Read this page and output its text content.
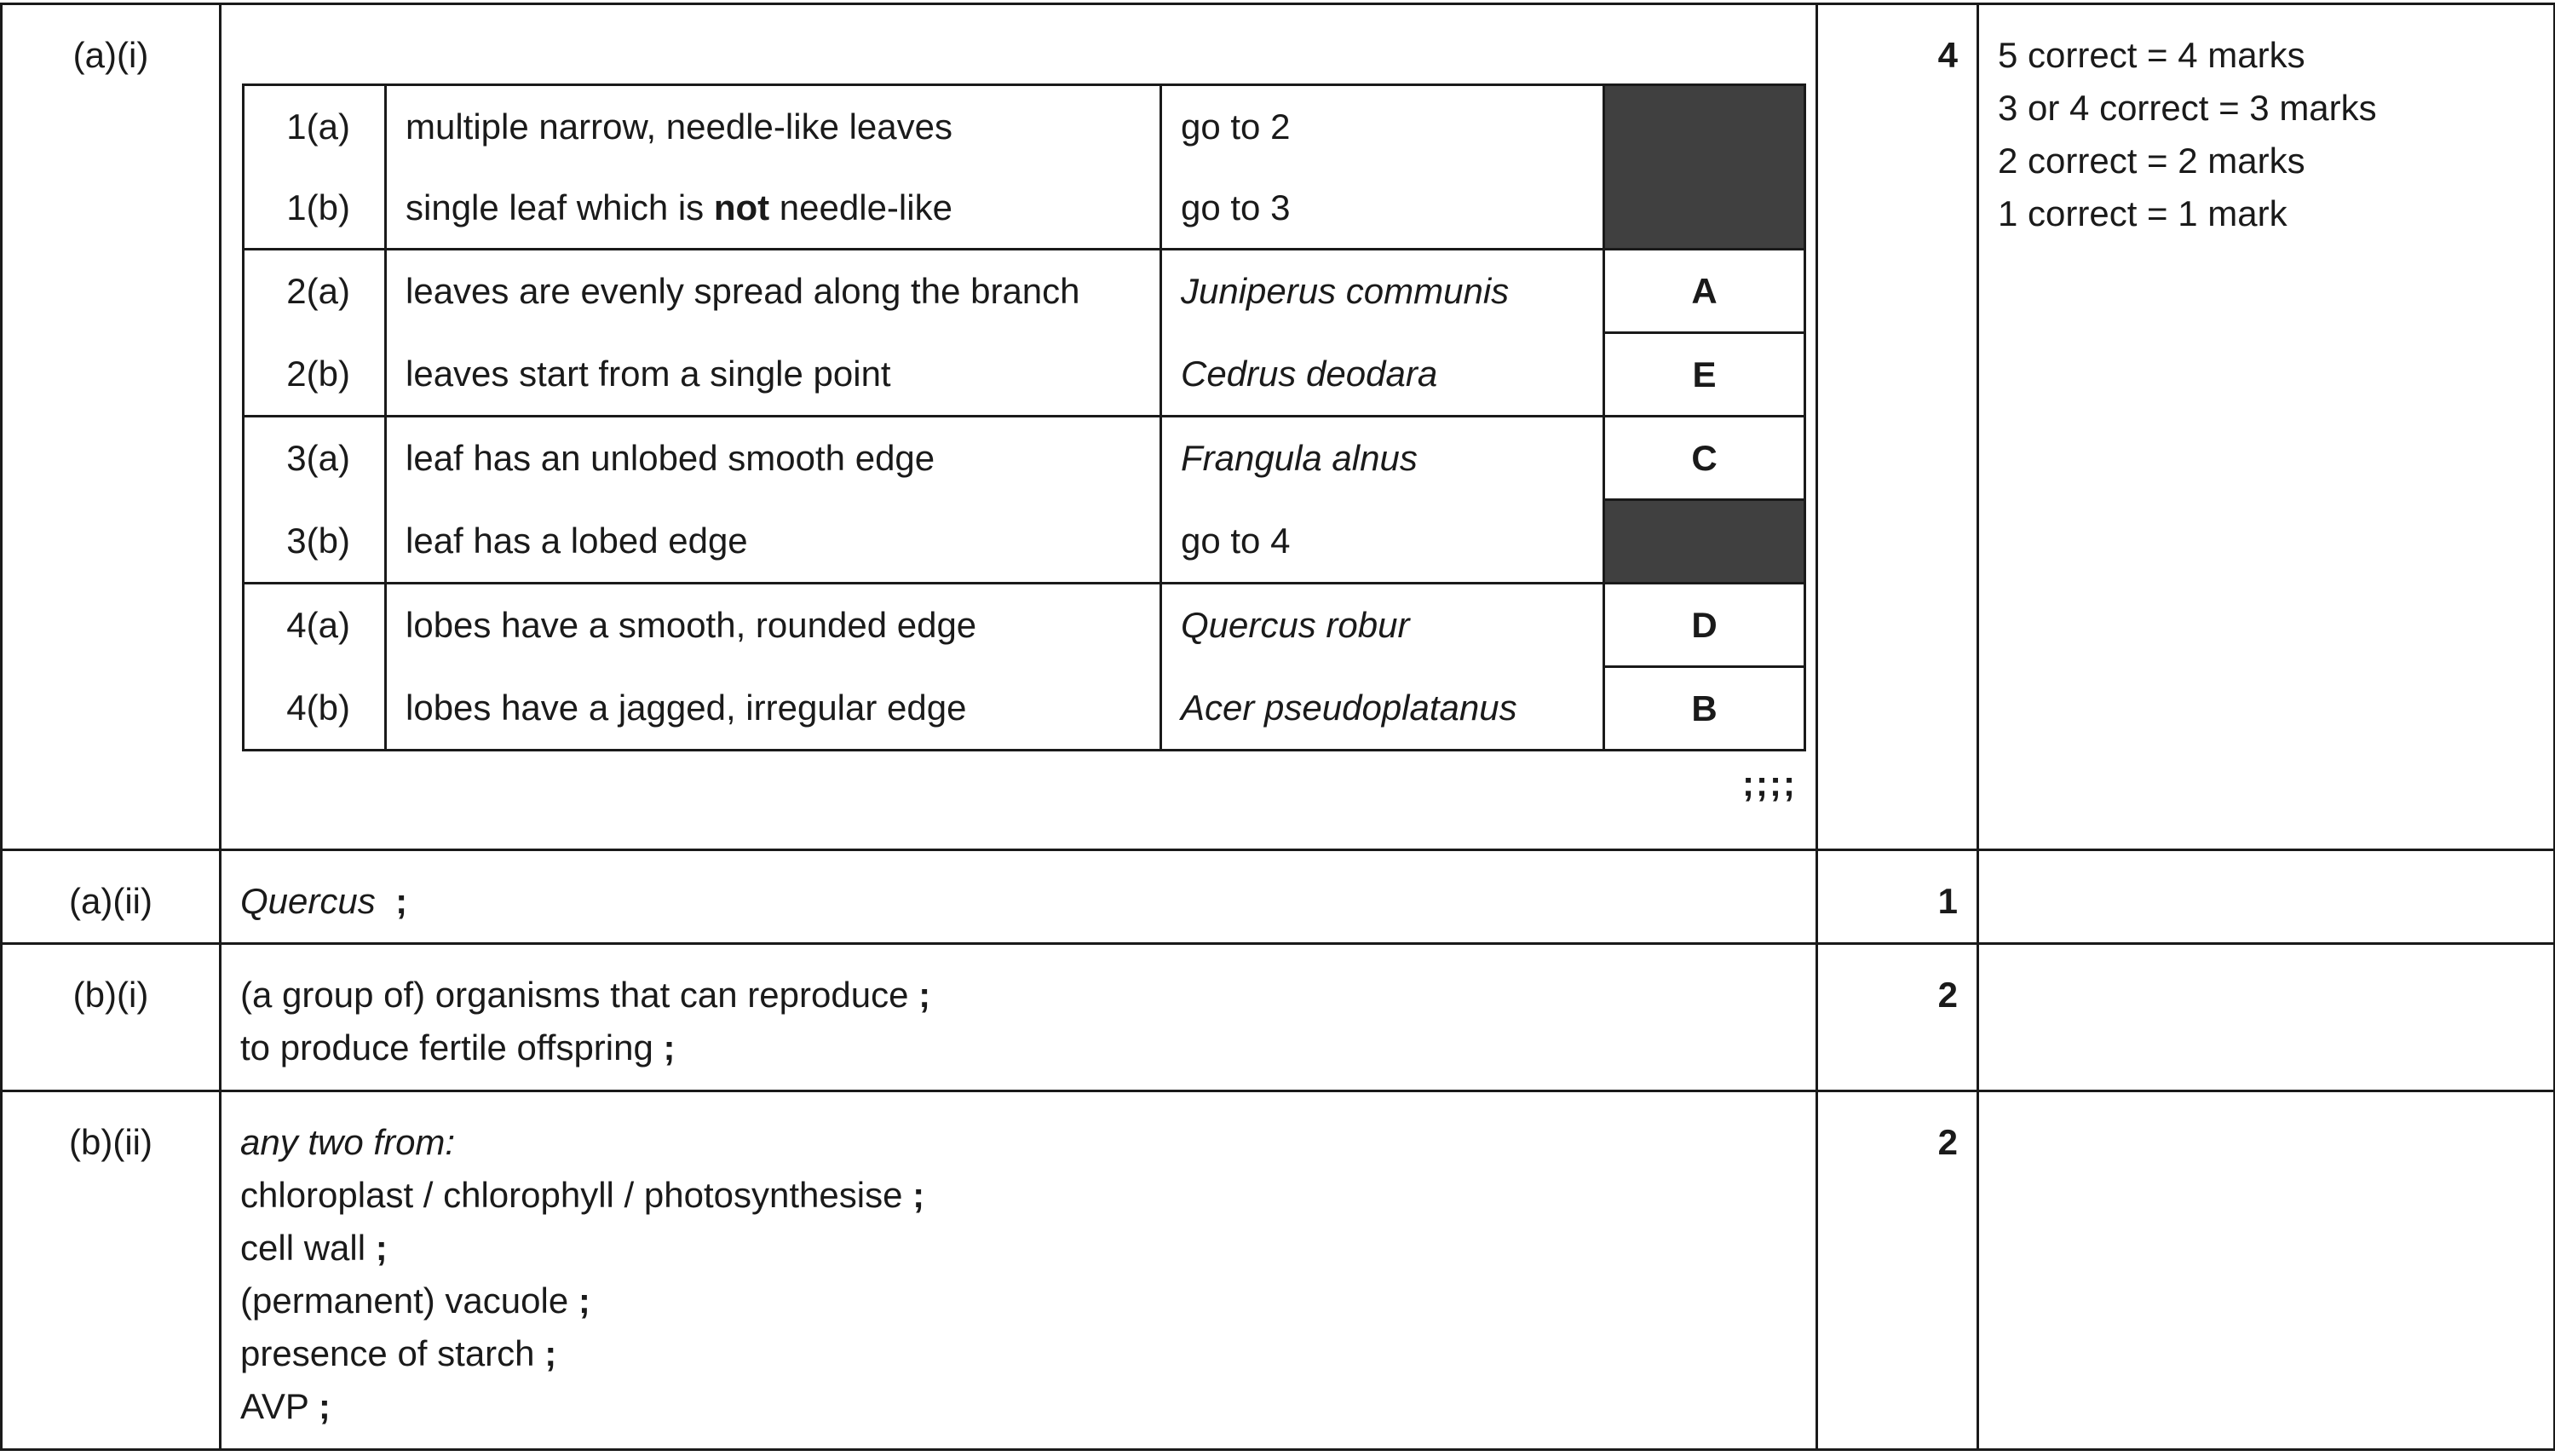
(a)(i)	
1(a)	multiple narrow, needle-like leaves	go to 2	
1(b)	single leaf which is not needle-like	go to 3
2(a)	leaves are evenly spread along the branch	Juniperus communis	A
2(b)	leaves start from a single point	Cedrus deodara	E
3(a)	leaf has an unlobed smooth edge	Frangula alnus	C
3(b)	leaf has a lobed edge	go to 4	
4(a)	lobes have a smooth, rounded edge	Quercus robur	D
4(b)	lobes have a jagged, irregular edge	Acer pseudoplatanus	B
;;;;
	4	5 correct = 4 marks
3 or 4 correct = 3 marks
2 correct = 2 marks
1 correct = 1 mark

(a)(ii)	Quercus ;	1	
(b)(i)	(a group of) organisms that can reproduce ;
to produce fertile offspring ;
	2	
(b)(ii)	any two from:
chloroplast / chlorophyll / photosynthesise ;
cell wall ;
(permanent) vacuole ;
presence of starch ;
AVP ;
	2	
